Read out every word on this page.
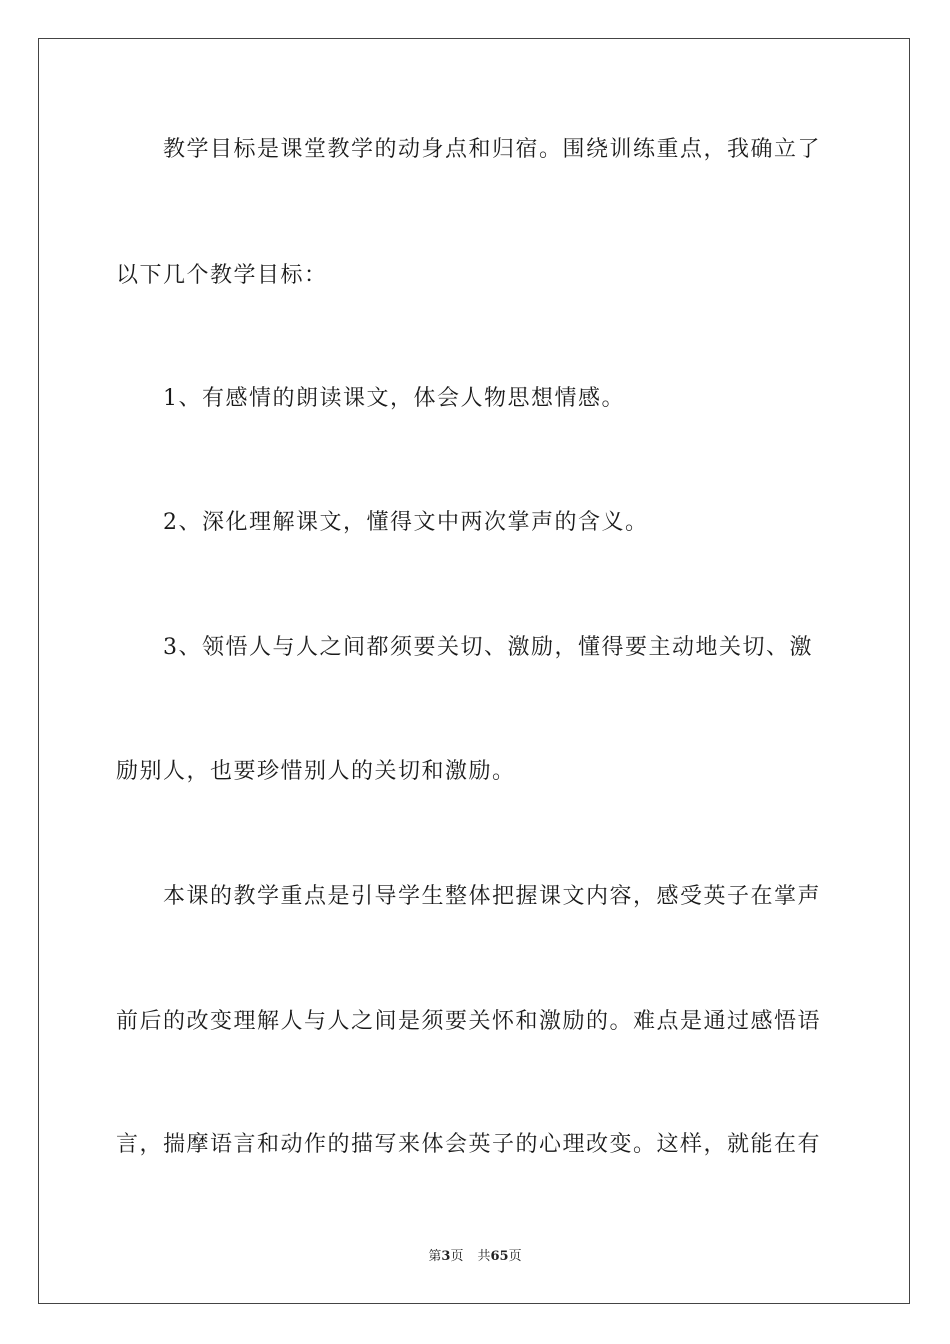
　　教学目标是课堂教学的动身点和归宿。围绕训练重点，我确立了
以下几个教学目标：
　　1、有感情的朗读课文，体会人物思想情感。
　　2、深化理解课文，懂得文中两次掌声的含义。
　　3、领悟人与人之间都须要关切、激励，懂得要主动地关切、激
励别人，也要珍惜别人的关切和激励。
　　本课的教学重点是引导学生整体把握课文内容，感受英子在掌声
前后的改变理解人与人之间是须要关怀和激励的。难点是通过感悟语
言，揣摩语言和动作的描写来体会英子的心理改变。这样，就能在有
第3页 共65页
